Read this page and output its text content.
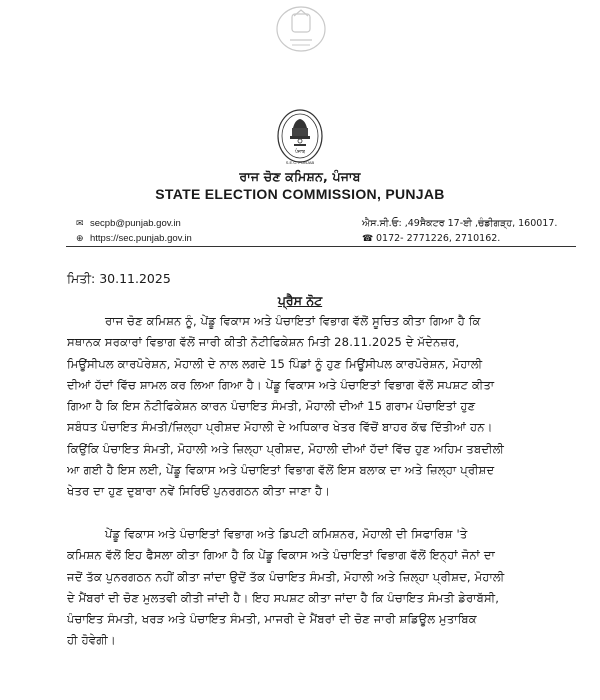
ਪੰਜਾਬ
S.E.C. PUNJAB
ਰਾਜ ਚੋਣ ਕਮਿਸ਼ਨ, ਪੰਜਾਬ
STATE ELECTION COMMISSION, PUNJAB
✉ secpb@punjab.gov.in
⊕ https://sec.punjab.gov.in
ਐਸ.ਸੀ.ਓ: ,49ਸੈਕਟਰ 17-ਈ ,ਚੰਡੀਗੜ੍ਹ, 160017.
☎ 0172- 2771226, 2710162.
ਮਿਤੀ: 30.11.2025
ਪ੍ਰੈਸ ਨੋਟ
ਰਾਜ ਚੋਣ ਕਮਿਸ਼ਨ ਨੂੰ, ਪੇਂਡੂ ਵਿਕਾਸ ਅਤੇ ਪੰਚਾਇਤਾਂ ਵਿਭਾਗ ਵੱਲੋਂ ਸੂਚਿਤ ਕੀਤਾ ਗਿਆ ਹੈ ਕਿ
ਸਥਾਨਕ ਸਰਕਾਰਾਂ ਵਿਭਾਗ ਵੱਲੋਂ ਜਾਰੀ ਕੀਤੀ ਨੋਟੀਫਿਕੇਸ਼ਨ ਮਿਤੀ 28.11.2025 ਦੇ ਮੱਦੇਨਜ਼ਰ,
ਮਿਊਂਸੀਪਲ ਕਾਰਪੋਰੇਸ਼ਨ, ਮੋਹਾਲੀ ਦੇ ਨਾਲ ਲਗਦੇ 15 ਪਿੰਡਾਂ ਨੂੰ ਹੁਣ ਮਿਊਂਸੀਪਲ ਕਾਰਪੋਰੇਸ਼ਨ, ਮੋਹਾਲੀ
ਦੀਆਂ ਹੱਦਾਂ ਵਿੱਚ ਸ਼ਾਮਲ ਕਰ ਲਿਆ ਗਿਆ ਹੈ। ਪੇਂਡੂ ਵਿਕਾਸ ਅਤੇ ਪੰਚਾਇਤਾਂ ਵਿਭਾਗ ਵੱਲੋਂ ਸਪਸ਼ਟ ਕੀਤਾ
ਗਿਆ ਹੈ ਕਿ ਇਸ ਨੋਟੀਫਿਕੇਸ਼ਨ ਕਾਰਨ ਪੰਚਾਇਤ ਸੰਮਤੀ, ਮੋਹਾਲੀ ਦੀਆਂ 15 ਗਰਾਮ ਪੰਚਾਇਤਾਂ ਹੁਣ
ਸਬੰਧਤ ਪੰਚਾਇਤ ਸੰਮਤੀ/ਜ਼ਿਲ੍ਹਾ ਪ੍ਰੀਸ਼ਦ ਮੋਹਾਲੀ ਦੇ ਅਧਿਕਾਰ ਖੇਤਰ ਵਿੱਚੋਂ ਬਾਹਰ ਕੱਢ ਦਿੱਤੀਆਂ ਹਨ।
ਕਿਉਂਕਿ ਪੰਚਾਇਤ ਸੰਮਤੀ, ਮੋਹਾਲੀ ਅਤੇ ਜ਼ਿਲ੍ਹਾ ਪ੍ਰੀਸ਼ਦ, ਮੋਹਾਲੀ ਦੀਆਂ ਹੱਦਾਂ ਵਿੱਚ ਹੁਣ ਅਹਿਮ ਤਬਦੀਲੀ
ਆ ਗਈ ਹੈ ਇਸ ਲਈ, ਪੇਂਡੂ ਵਿਕਾਸ ਅਤੇ ਪੰਚਾਇਤਾਂ ਵਿਭਾਗ ਵੱਲੋਂ ਇਸ ਬਲਾਕ ਦਾ ਅਤੇ ਜ਼ਿਲ੍ਹਾ ਪ੍ਰੀਸ਼ਦ
ਖੇਤਰ ਦਾ ਹੁਣ ਦੁਬਾਰਾ ਨਵੇਂ ਸਿਰਿਓਂ ਪੁਨਰਗਠਨ ਕੀਤਾ ਜਾਣਾ ਹੈ।
ਪੇਂਡੂ ਵਿਕਾਸ ਅਤੇ ਪੰਚਾਇਤਾਂ ਵਿਭਾਗ ਅਤੇ ਡਿਪਟੀ ਕਮਿਸ਼ਨਰ, ਮੋਹਾਲੀ ਦੀ ਸਿਫਾਰਿਸ਼ 'ਤੇ
ਕਮਿਸ਼ਨ ਵੱਲੋਂ ਇਹ ਫੈਸਲਾ ਕੀਤਾ ਗਿਆ ਹੈ ਕਿ ਪੇਂਡੂ ਵਿਕਾਸ ਅਤੇ ਪੰਚਾਇਤਾਂ ਵਿਭਾਗ ਵੱਲੋਂ ਇਨ੍ਹਾਂ ਜੋਨਾਂ ਦਾ
ਜਦੋਂ ਤੱਕ ਪੁਨਰਗਠਨ ਨਹੀਂ ਕੀਤਾ ਜਾਂਦਾ ਉਦੋਂ ਤੱਕ ਪੰਚਾਇਤ ਸੰਮਤੀ, ਮੋਹਾਲੀ ਅਤੇ ਜ਼ਿਲ੍ਹਾ ਪ੍ਰੀਸ਼ਦ, ਮੋਹਾਲੀ
ਦੇ ਮੈਂਬਰਾਂ ਦੀ ਚੋਣ ਮੁਲਤਵੀ ਕੀਤੀ ਜਾਂਦੀ ਹੈ। ਇਹ ਸਪਸ਼ਟ ਕੀਤਾ ਜਾਂਦਾ ਹੈ ਕਿ ਪੰਚਾਇਤ ਸੰਮਤੀ ਡੇਰਾਬੱਸੀ,
ਪੰਚਾਇਤ ਸੰਮਤੀ, ਖਰੜ ਅਤੇ ਪੰਚਾਇਤ ਸੰਮਤੀ, ਮਾਜਰੀ ਦੇ ਮੈਂਬਰਾਂ ਦੀ ਚੋਣ ਜਾਰੀ ਸ਼ਡਿਊਲ ਮੁਤਾਬਿਕ
ਹੀ ਹੋਵੇਗੀ।
